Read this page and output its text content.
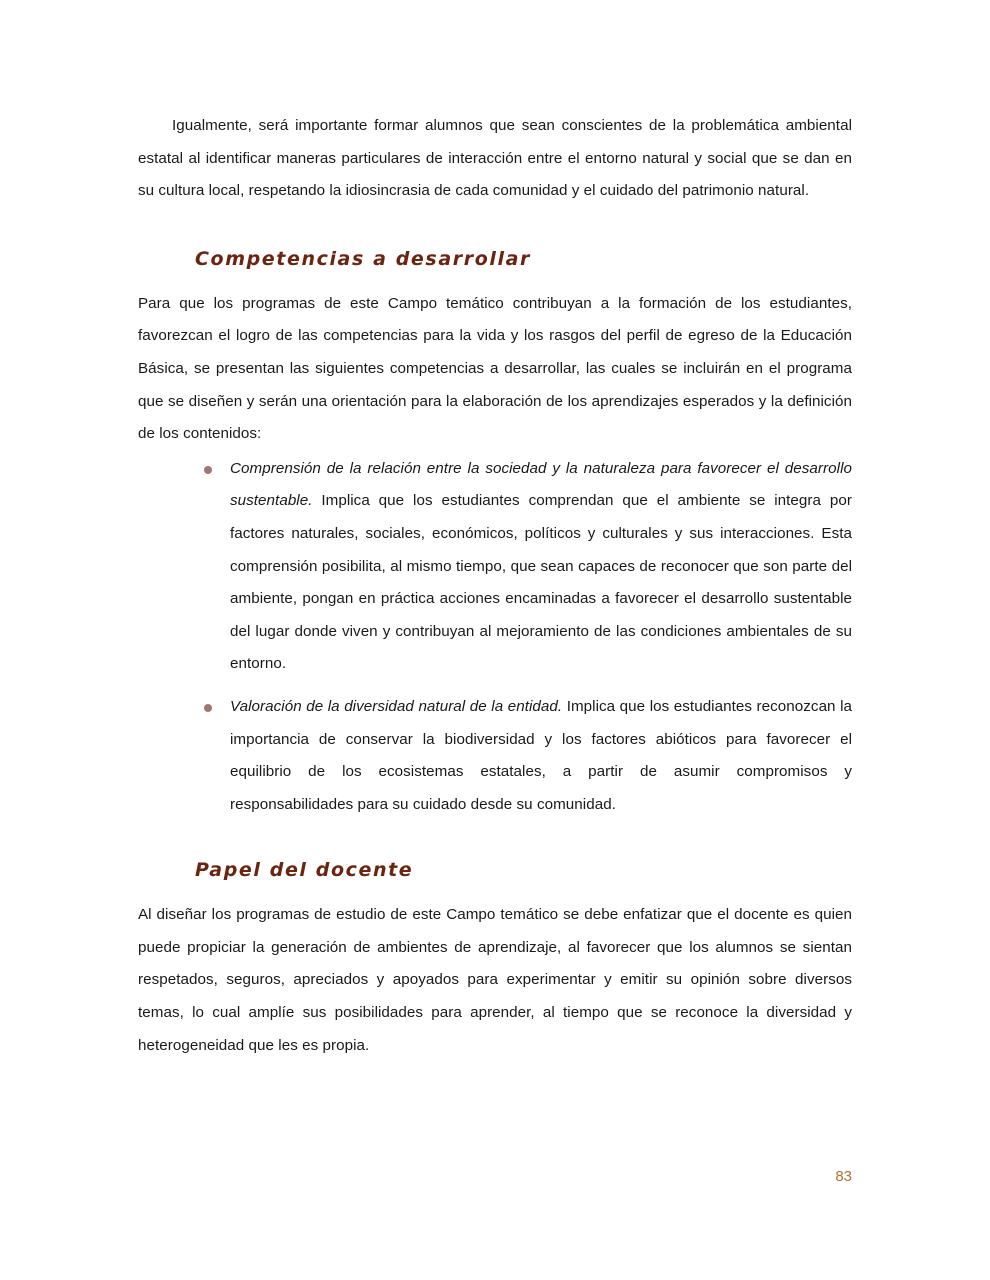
Igualmente, será importante formar alumnos que sean conscientes de la problemática ambiental estatal al identificar maneras particulares de interacción entre el entorno natural y social que se dan en su cultura local, respetando la idiosincrasia de cada comunidad y el cuidado del patrimonio natural.

Competencias a desarrollar

Para que los programas de este Campo temático contribuyan a la formación de los estudiantes, favorezcan el logro de las competencias para la vida y los rasgos del perfil de egreso de la Educación Básica, se presentan las siguientes competencias a desarrollar, las cuales se incluirán en el programa que se diseñen y serán una orientación para la elaboración de los aprendizajes esperados y la definición de los contenidos:

Comprensión de la relación entre la sociedad y la naturaleza para favorecer el desarrollo sustentable. Implica que los estudiantes comprendan que el ambiente se integra por factores naturales, sociales, económicos, políticos y culturales y sus interacciones. Esta comprensión posibilita, al mismo tiempo, que sean capaces de reconocer que son parte del ambiente, pongan en práctica acciones encaminadas a favorecer el desarrollo sustentable del lugar donde viven y contribuyan al mejoramiento de las condiciones ambientales de su entorno.

Valoración de la diversidad natural de la entidad. Implica que los estudiantes reconozcan la importancia de conservar la biodiversidad y los factores abióticos para favorecer el equilibrio de los ecosistemas estatales, a partir de asumir compromisos y responsabilidades para su cuidado desde su comunidad.

Papel del docente

Al diseñar los programas de estudio de este Campo temático se debe enfatizar que el docente es quien puede propiciar la generación de ambientes de aprendizaje, al favorecer que los alumnos se sientan respetados, seguros, apreciados y apoyados para experimentar y emitir su opinión sobre diversos temas, lo cual amplíe sus posibilidades para aprender, al tiempo que se reconoce la diversidad y heterogeneidad que les es propia.

83
